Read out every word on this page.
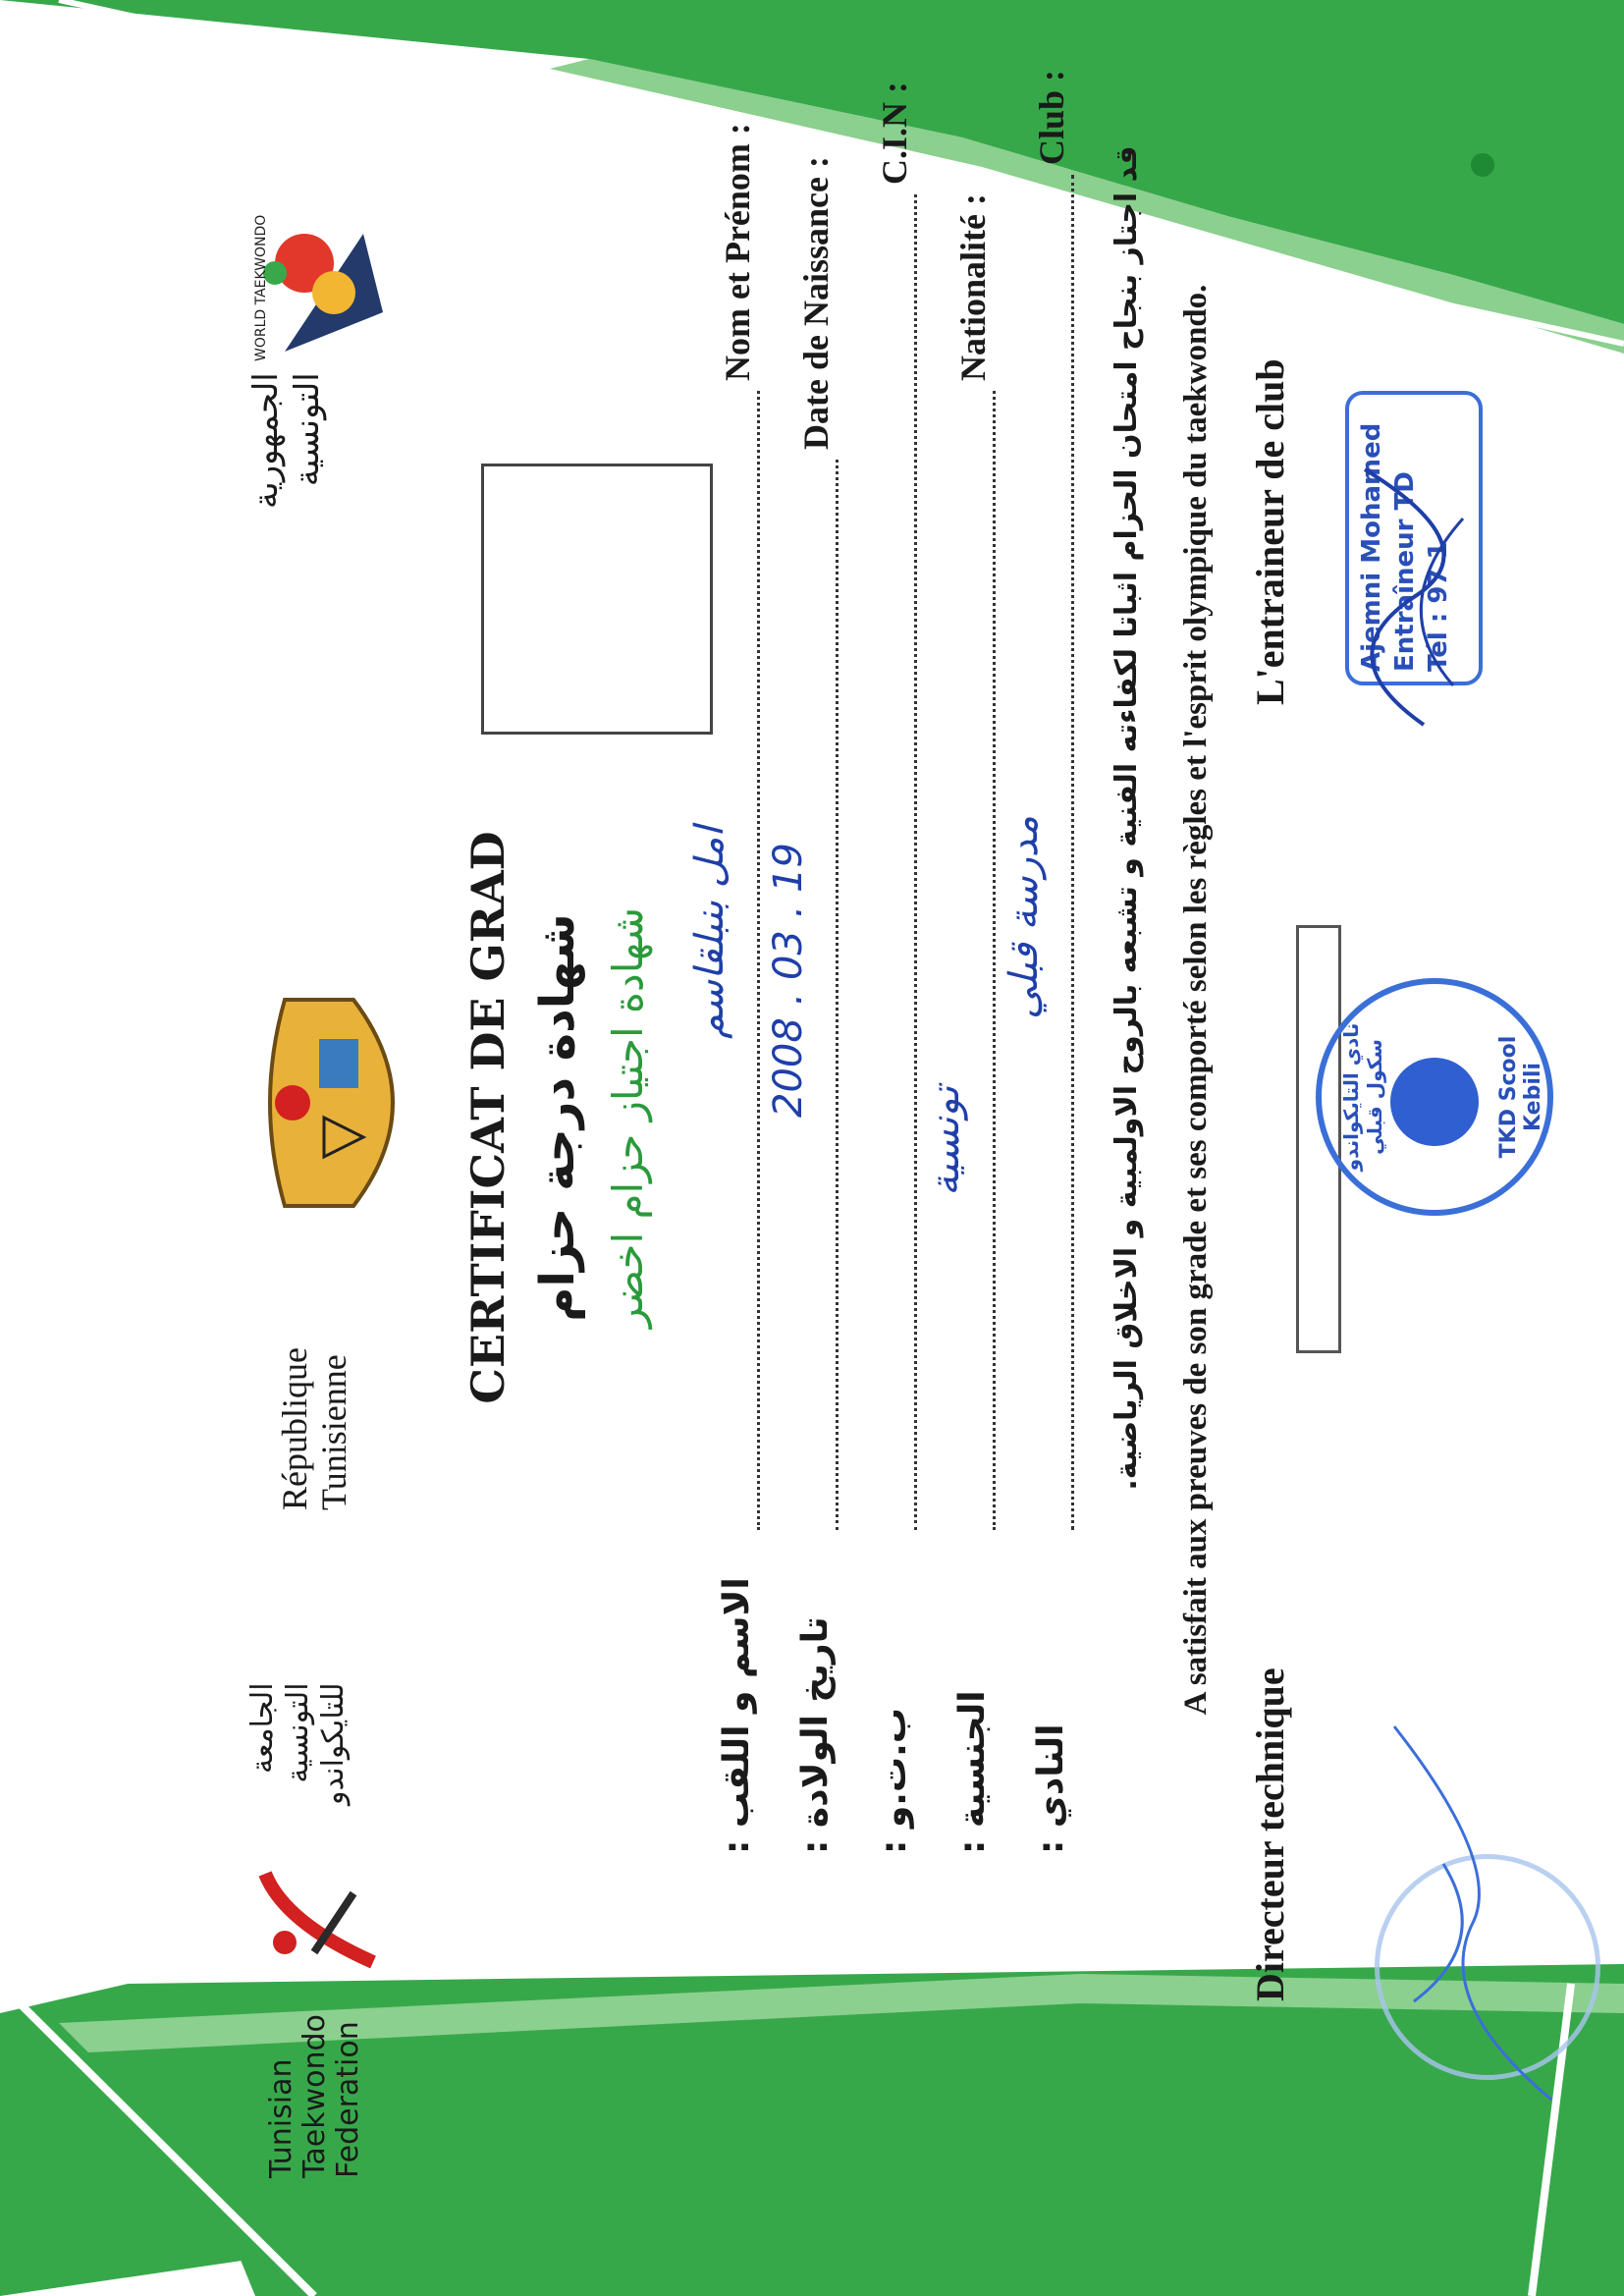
الجمهورية التونسية
République Tunisienne
الجامعة التونسية للتايكواندو
Tunisian Taekwondo Federation
WORLD TAEKWONDO
CERTIFICAT DE GRAD شهادة درجة حزام شهادة اجتياز حزام اخضر
Nom et Prénom :
امل بنبلقاسم
الاسم و اللقب :
Date de Naissance :
2008 . 03 . 19
تاريخ الولادة :
C.I.N :
ب.ت.و :
Nationalité :
تونسية
الجنسية :
Club :
مدرسة قبلي
النادي :
قد اجتاز بنجاح امتحان الحزام اثباتا لكفاءته الفنية و تشبعه بالروح الاولمبية و الاخلاق الرياضية. A satisfait aux preuves de son grade et ses comporté selon les règles et l'esprit olympique du taekwondo. L'entraineur de club
Directeur technique
Ajemni Mohamed Entraîneur TD Tél : 97 1
نادي التايكواندو سكول قبلي	TKD Scool Kebili
